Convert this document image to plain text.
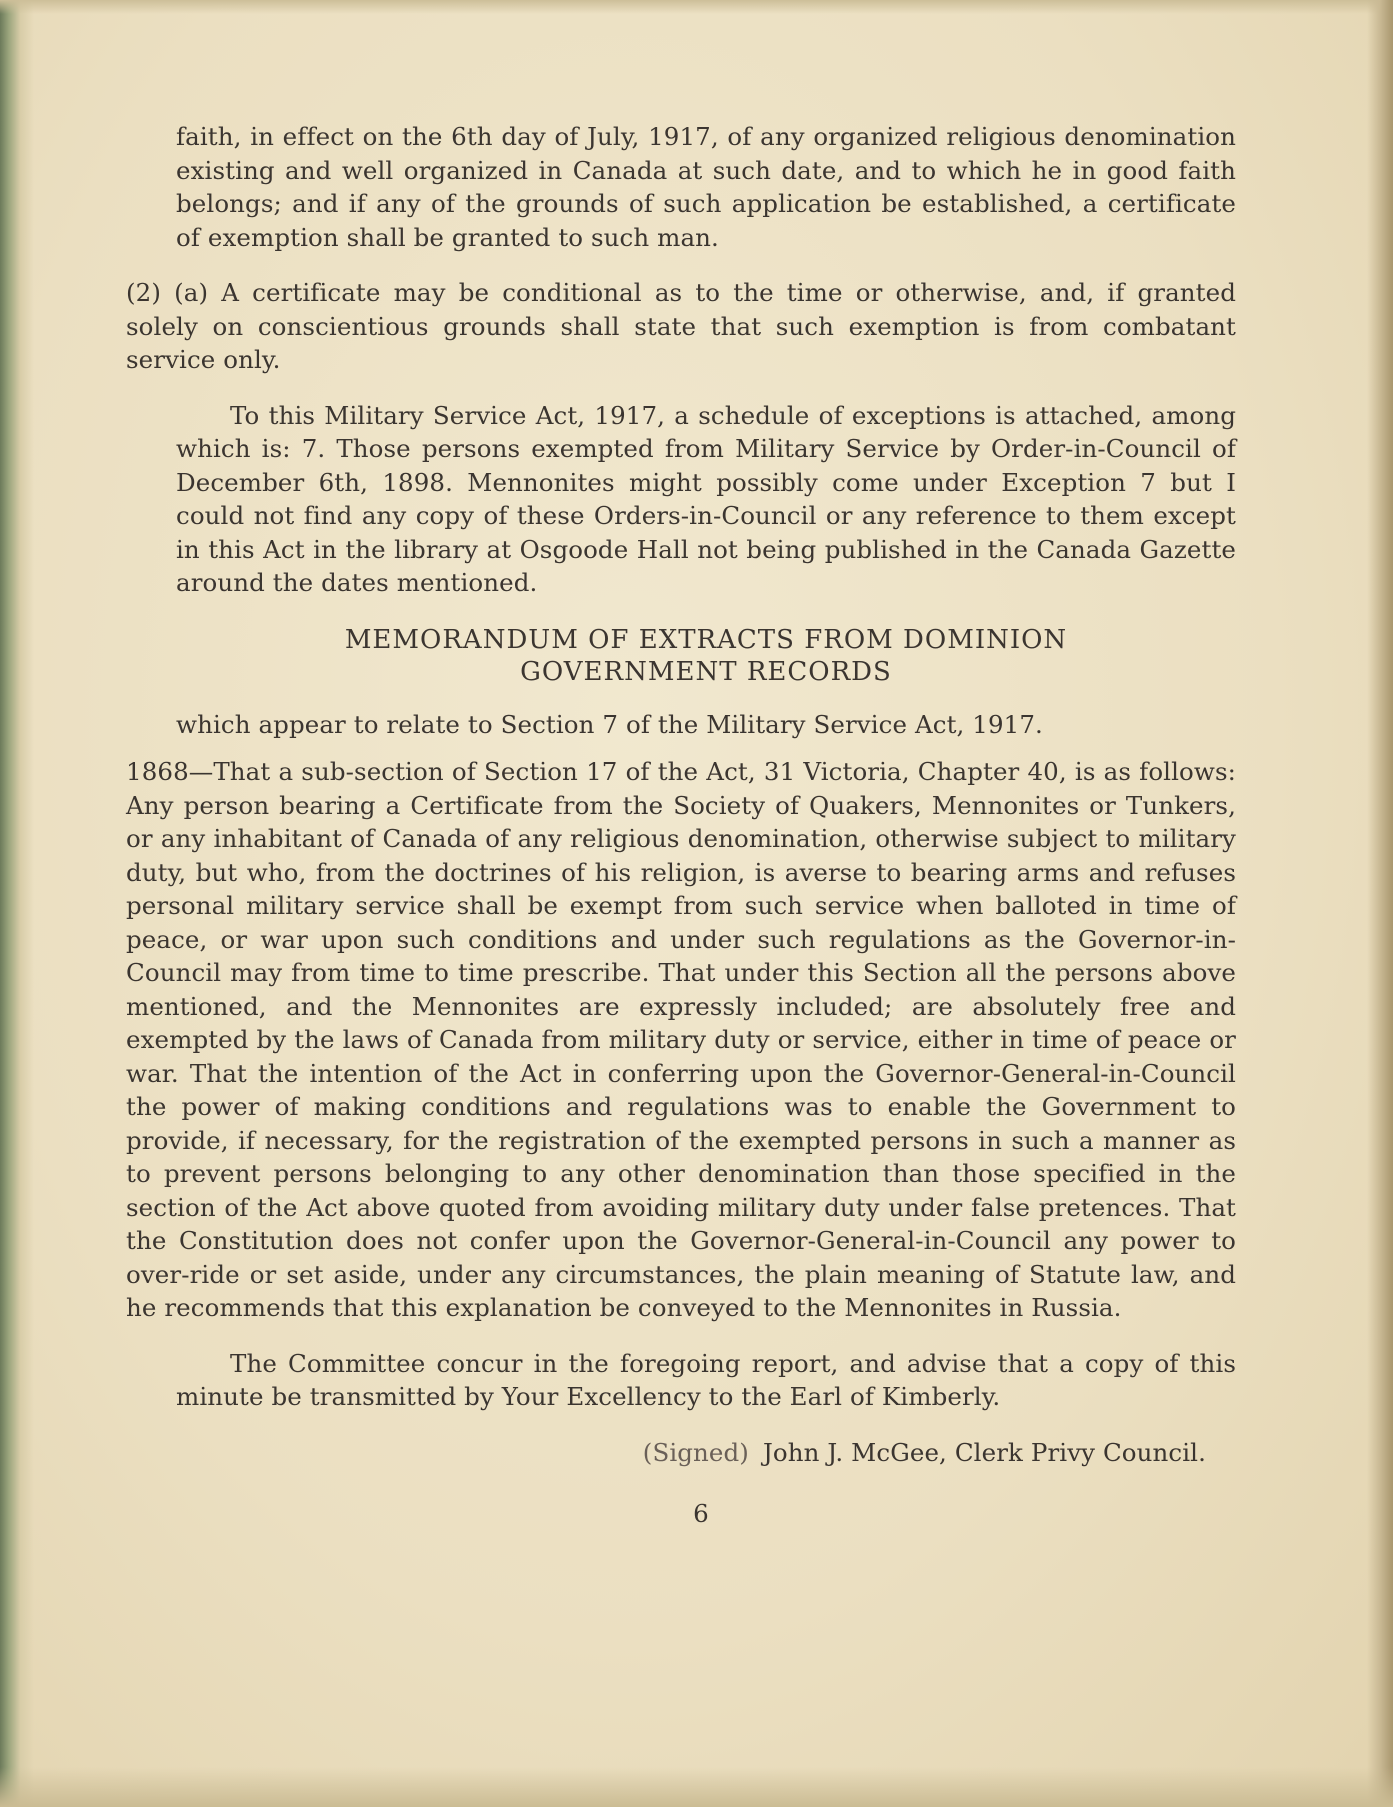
faith, in effect on the 6th day of July, 1917, of any organized religious denomination existing and well organized in Canada at such date, and to which he in good faith belongs; and if any of the grounds of such application be established, a certificate of exemption shall be granted to such man.

(2) (a) A certificate may be conditional as to the time or otherwise, and, if granted solely on conscientious grounds shall state that such exemption is from combatant service only.

To this Military Service Act, 1917, a schedule of exceptions is attached, among which is: 7. Those persons exempted from Military Service by Order-in-Council of December 6th, 1898. Mennonites might possibly come under Exception 7 but I could not find any copy of these Orders-in-Council or any reference to them except in this Act in the library at Osgoode Hall not being published in the Canada Gazette around the dates mentioned.

MEMORANDUM OF EXTRACTS FROM DOMINION
GOVERNMENT RECORDS

which appear to relate to Section 7 of the Military Service Act, 1917.

1868—That a sub-section of Section 17 of the Act, 31 Victoria, Chapter 40, is as follows: Any person bearing a Certificate from the Society of Quakers, Mennonites or Tunkers, or any inhabitant of Canada of any religious denomination, otherwise subject to military duty, but who, from the doctrines of his religion, is averse to bearing arms and refuses personal military service shall be exempt from such service when balloted in time of peace, or war upon such conditions and under such regulations as the Governor-in-Council may from time to time prescribe. That under this Section all the persons above mentioned, and the Mennonites are expressly included; are absolutely free and exempted by the laws of Canada from military duty or service, either in time of peace or war. That the intention of the Act in conferring upon the Governor-General-in-Council the power of making conditions and regulations was to enable the Government to provide, if necessary, for the registration of the exempted persons in such a manner as to prevent persons belonging to any other denomination than those specified in the section of the Act above quoted from avoiding military duty under false pretences. That the Constitution does not confer upon the Governor-General-in-Council any power to over-ride or set aside, under any circumstances, the plain meaning of Statute law, and he recommends that this explanation be conveyed to the Mennonites in Russia.

The Committee concur in the foregoing report, and advise that a copy of this minute be transmitted by Your Excellency to the Earl of Kimberly.

(Signed) John J. McGee, Clerk Privy Council.

6
